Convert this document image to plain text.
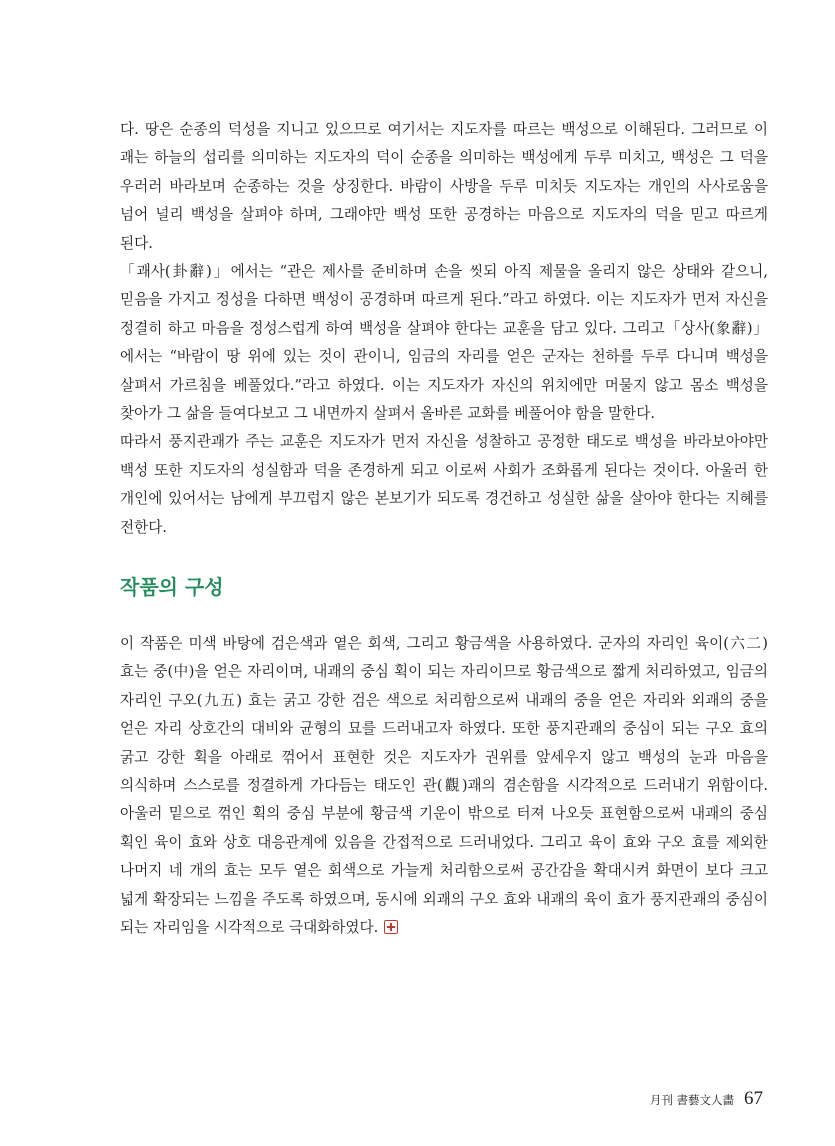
다. 땅은 순종의 덕성을 지니고 있으므로 여기서는 지도자를 따르는 백성으로 이해된다. 그러므로 이 괘는 하늘의 섭리를 의미하는 지도자의 덕이 순종을 의미하는 백성에게 두루 미치고, 백성은 그 덕을 우러러 바라보며 순종하는 것을 상징한다. 바람이 사방을 두루 미치듯 지도자는 개인의 사사로움을 넘어 널리 백성을 살펴야 하며, 그래야만 백성 또한 공경하는 마음으로 지도자의 덕을 믿고 따르게 된다.

「괘사(卦辭)」에서는 “관은 제사를 준비하며 손을 씻되 아직 제물을 올리지 않은 상태와 같으니, 믿음을 가지고 정성을 다하면 백성이 공경하며 따르게 된다.”라고 하였다. 이는 지도자가 먼저 자신을 정결히 하고 마음을 정성스럽게 하여 백성을 살펴야 한다는 교훈을 담고 있다. 그리고「상사(象辭)」에서는 “바람이 땅 위에 있는 것이 관이니, 임금의 자리를 얻은 군자는 천하를 두루 다니며 백성을 살펴서 가르침을 베풀었다.”라고 하였다. 이는 지도자가 자신의 위치에만 머물지 않고 몸소 백성을 찾아가 그 삶을 들여다보고 그 내면까지 살펴서 올바른 교화를 베풀어야 함을 말한다.

따라서 풍지관괘가 주는 교훈은 지도자가 먼저 자신을 성찰하고 공정한 태도로 백성을 바라보아야만 백성 또한 지도자의 성실함과 덕을 존경하게 되고 이로써 사회가 조화롭게 된다는 것이다. 아울러 한 개인에 있어서는 남에게 부끄럽지 않은 본보기가 되도록 경건하고 성실한 삶을 살아야 한다는 지혜를 전한다.

작품의 구성

이 작품은 미색 바탕에 검은색과 옅은 회색, 그리고 황금색을 사용하였다. 군자의 자리인 육이(六二) 효는 중(中)을 얻은 자리이며, 내괘의 중심 획이 되는 자리이므로 황금색으로 짧게 처리하였고, 임금의 자리인 구오(九五) 효는 굵고 강한 검은 색으로 처리함으로써 내괘의 중을 얻은 자리와 외괘의 중을 얻은 자리 상호간의 대비와 균형의 묘를 드러내고자 하였다. 또한 풍지관괘의 중심이 되는 구오 효의 굵고 강한 획을 아래로 꺾어서 표현한 것은 지도자가 권위를 앞세우지 않고 백성의 눈과 마음을 의식하며 스스로를 정결하게 가다듬는 태도인 관(觀)괘의 겸손함을 시각적으로 드러내기 위함이다. 아울러 밑으로 꺾인 획의 중심 부분에 황금색 기운이 밖으로 터져 나오듯 표현함으로써 내괘의 중심 획인 육이 효와 상호 대응관계에 있음을 간접적으로 드러내었다. 그리고 육이 효와 구오 효를 제외한 나머지 네 개의 효는 모두 옅은 회색으로 가늘게 처리함으로써 공간감을 확대시켜 화면이 보다 크고 넓게 확장되는 느낌을 주도록 하였으며, 동시에 외괘의 구오 효와 내괘의 육이 효가 풍지관괘의 중심이 되는 자리임을 시각적으로 극대화하였다.

月刊 書藝文人畵 67
